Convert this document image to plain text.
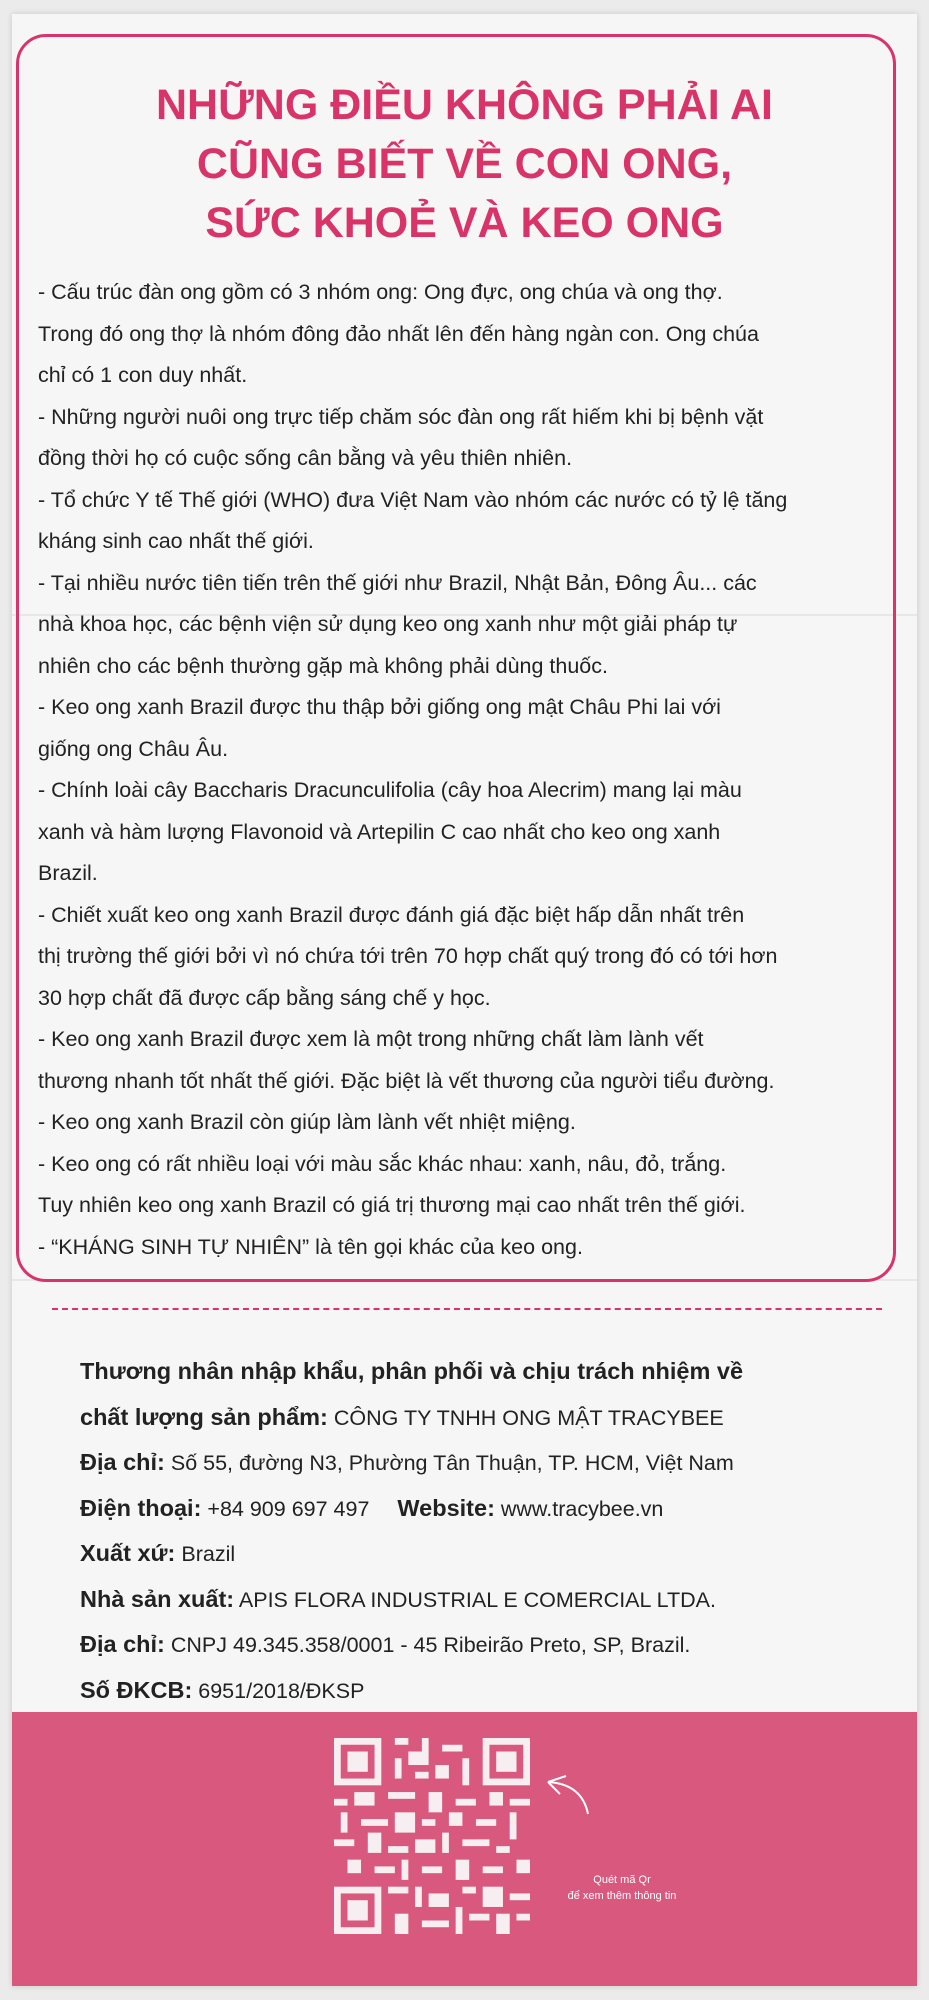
NHỮNG ĐIỀU KHÔNG PHẢI AI
CŨNG BIẾT VỀ CON ONG,
SỨC KHOẺ VÀ KEO ONG
- Cấu trúc đàn ong gồm có 3 nhóm ong: Ong đực, ong chúa và ong thợ.
Trong đó ong thợ là nhóm đông đảo nhất lên đến hàng ngàn con. Ong chúa
chỉ có 1 con duy nhất.
- Những người nuôi ong trực tiếp chăm sóc đàn ong rất hiếm khi bị bệnh vặt
đồng thời họ có cuộc sống cân bằng và yêu thiên nhiên.
- Tổ chức Y tế Thế giới (WHO) đưa Việt Nam vào nhóm các nước có tỷ lệ tăng
kháng sinh cao nhất thế giới.
- Tại nhiều nước tiên tiến trên thế giới như Brazil, Nhật Bản, Đông Âu... các
nhà khoa học, các bệnh viện sử dụng keo ong xanh như một giải pháp tự
nhiên cho các bệnh thường gặp mà không phải dùng thuốc.
- Keo ong xanh Brazil được thu thập bởi giống ong mật Châu Phi lai với
giống ong Châu Âu.
- Chính loài cây Baccharis Dracunculifolia (cây hoa Alecrim) mang lại màu
xanh và hàm lượng Flavonoid và Artepilin C cao nhất cho keo ong xanh
Brazil.
- Chiết xuất keo ong xanh Brazil được đánh giá đặc biệt hấp dẫn nhất trên
thị trường thế giới bởi vì nó chứa tới trên 70 hợp chất quý trong đó có tới hơn
30 hợp chất đã được cấp bằng sáng chế y học.
- Keo ong xanh Brazil được xem là một trong những chất làm lành vết
thương nhanh tốt nhất thế giới. Đặc biệt là vết thương của người tiểu đường.
- Keo ong xanh Brazil còn giúp làm lành vết nhiệt miệng.
- Keo ong có rất nhiều loại với màu sắc khác nhau: xanh, nâu, đỏ, trắng.
Tuy nhiên keo ong xanh Brazil có giá trị thương mại cao nhất trên thế giới.
- “KHÁNG SINH TỰ NHIÊN” là tên gọi khác của keo ong.
Thương nhân nhập khẩu, phân phối và chịu trách nhiệm về
chất lượng sản phẩm: CÔNG TY TNHH ONG MẬT TRACYBEE
Địa chỉ: Số 55, đường N3, Phường Tân Thuận, TP. HCM, Việt Nam
Điện thoại: +84 909 697 497 Website: www.tracybee.vn
Xuất xứ: Brazil
Nhà sản xuất: APIS FLORA INDUSTRIAL E COMERCIAL LTDA.
Địa chỉ: CNPJ 49.345.358/0001 - 45 Ribeirão Preto, SP, Brazil.
Số ĐKCB: 6951/2018/ĐKSP
Quét mã Qr
để xem thêm thông tin
